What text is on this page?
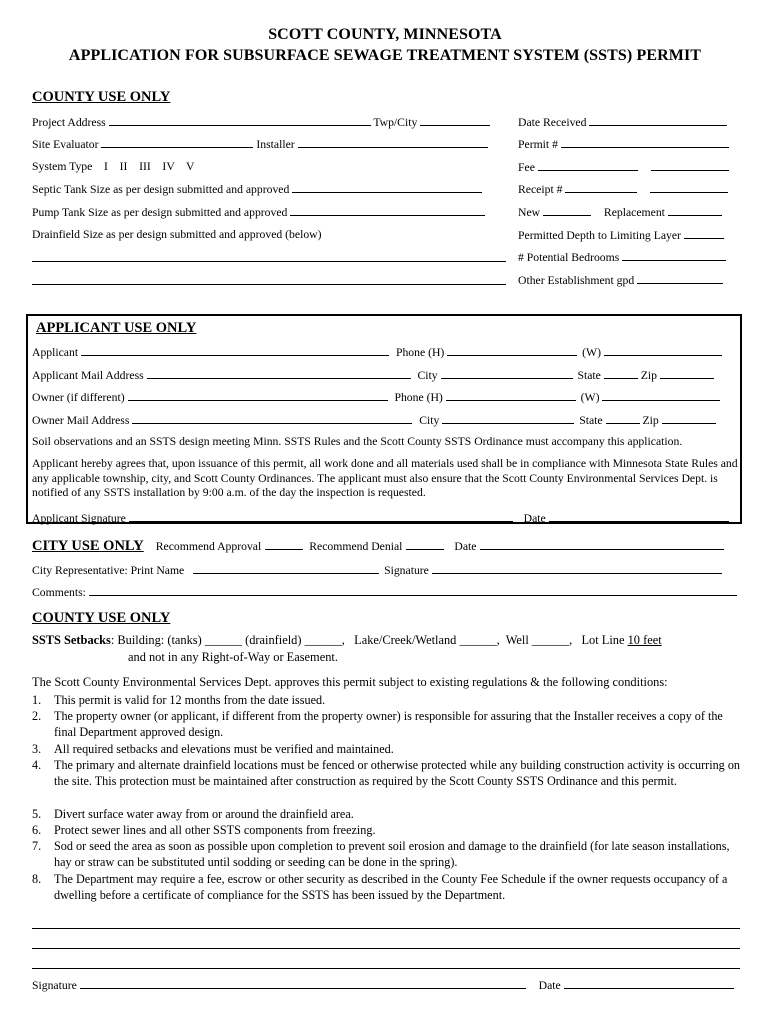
SCOTT COUNTY, MINNESOTA
APPLICATION FOR SUBSURFACE SEWAGE TREATMENT SYSTEM (SSTS) PERMIT
COUNTY USE ONLY
Project Address	Twp/City	Date Received
Site Evaluator	Installer	Permit #
System Type    I    II    III    IV    V	Fee
Septic Tank Size as per design submitted and approved	Receipt #
Pump Tank Size as per design submitted and approved	New	Replacement
Drainfield Size as per design submitted and approved (below)	Permitted Depth to Limiting Layer
# Potential Bedrooms
Other Establishment gpd
APPLICANT USE ONLY
Applicant	Phone (H)	(W)
Applicant Mail Address	City	State	Zip
Owner (if different)	Phone (H)	(W)
Owner Mail Address	City	State	Zip
Soil observations and an SSTS design meeting Minn. SSTS Rules and the Scott County SSTS Ordinance must accompany this application.
Applicant hereby agrees that, upon issuance of this permit, all work done and all materials used shall be in compliance with Minnesota State Rules and any applicable township, city, and Scott County Ordinances. The applicant must also ensure that the Scott County Environmental Services Dept. is notified of any SSTS installation by 9:00 a.m. of the day the inspection is requested.
Applicant Signature	Date
CITY USE ONLY Recommend Approval	Recommend Denial	Date
City Representative: Print Name	Signature
Comments:
COUNTY USE ONLY
SSTS Setbacks: Building: (tanks) ______ (drainfield) ______,   Lake/Creek/Wetland ______,  Well ______,   Lot Line 10 feet
and not in any Right-of-Way or Easement.
The Scott County Environmental Services Dept. approves this permit subject to existing regulations & the following conditions:
1. This permit is valid for 12 months from the date issued.
2. The property owner (or applicant, if different from the property owner) is responsible for assuring that the Installer receives a copy of the final Department approved design.
3. All required setbacks and elevations must be verified and maintained.
4. The primary and alternate drainfield locations must be fenced or otherwise protected while any building construction activity is occurring on the site. This protection must be maintained after construction as required by the Scott County SSTS Ordinance and this permit.
5. Divert surface water away from or around the drainfield area.
6. Protect sewer lines and all other SSTS components from freezing.
7. Sod or seed the area as soon as possible upon completion to prevent soil erosion and damage to the drainfield (for late season installations, hay or straw can be substituted until sodding or seeding can be done in the spring).
8. The Department may require a fee, escrow or other security as described in the County Fee Schedule if the owner requests occupancy of a dwelling before a certificate of compliance for the SSTS has been issued by the Department.
Signature	Date
